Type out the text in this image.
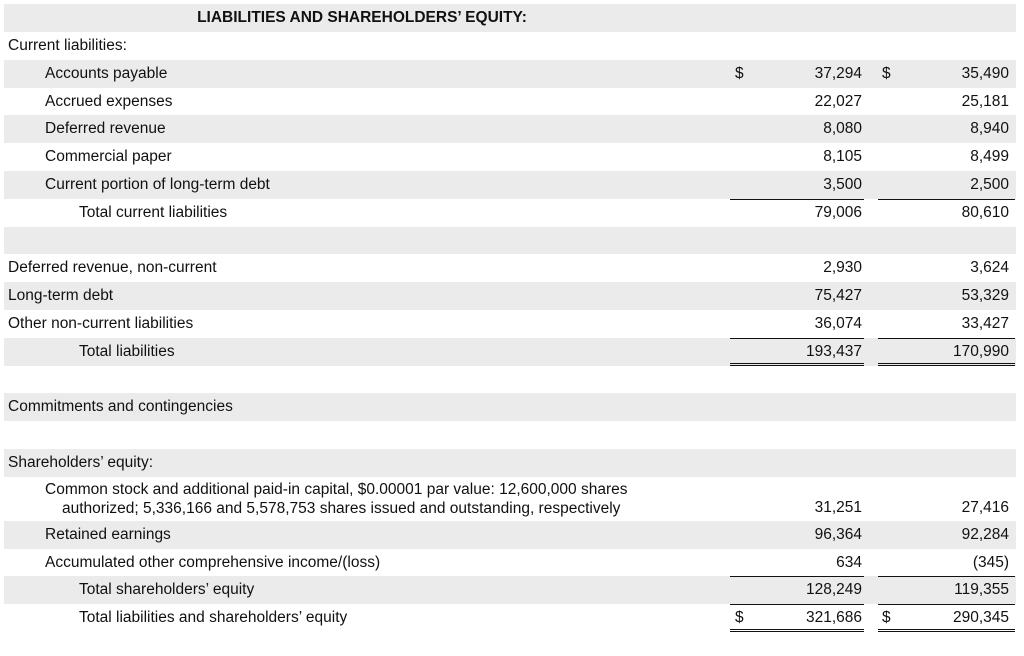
LIABILITIES AND SHAREHOLDERS’ EQUITY:
Current liabilities:
Accounts payable	$	37,294 $	35,490
Accrued expenses	22,027	25,181
Deferred revenue	8,080	8,940
Commercial paper	8,105	8,499
Current portion of long-term debt	3,500	2,500
Total current liabilities	79,006	80,610
Deferred revenue, non-current	2,930	3,624
Long-term debt	75,427	53,329
Other non-current liabilities	36,074	33,427
Total liabilities	193,437	170,990
Commitments and contingencies
Shareholders’ equity:
Common stock and additional paid-in capital, $0.00001 par value: 12,600,000 shares
authorized; 5,336,166 and 5,578,753 shares issued and outstanding, respectively	31,251	27,416
Retained earnings	96,364	92,284
Accumulated other comprehensive income/(loss)	634	(345)
Total shareholders’ equity	128,249	119,355
Total liabilities and shareholders’ equity	$	321,686 $	290,345
